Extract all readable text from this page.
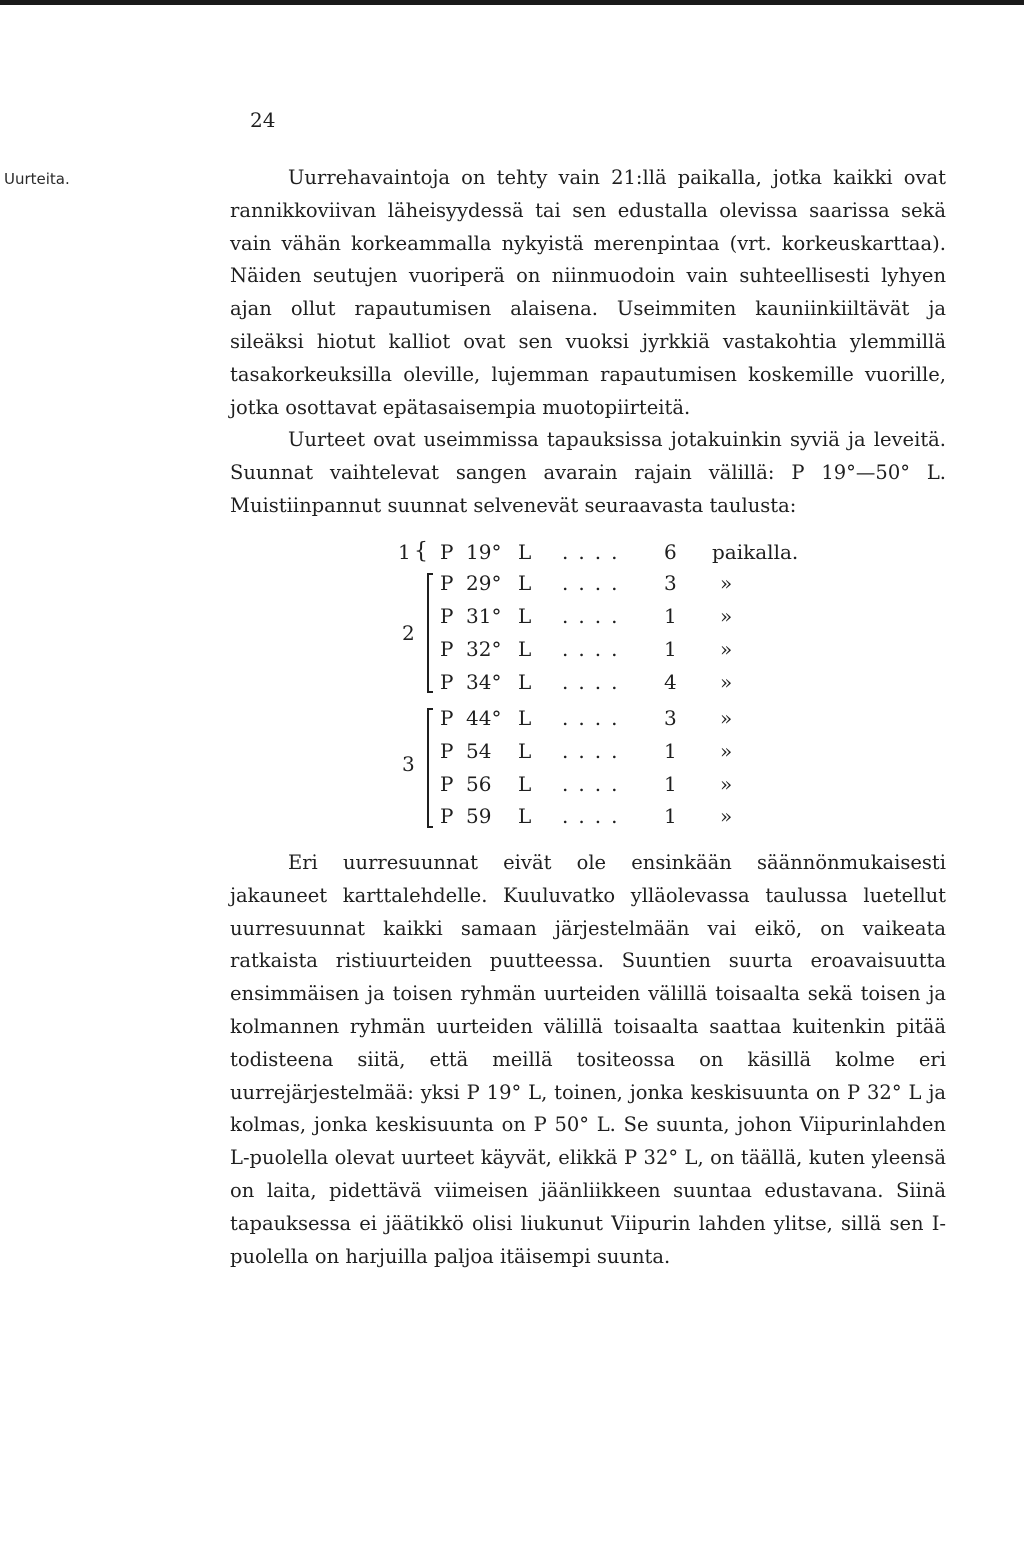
24
Uurteita.	Uurrehavaintoja on tehty vain 21:llä paikalla, jotka kaikki ovat rannikkoviivan läheisyydessä tai sen edustalla olevissa saarissa sekä vain vähän korkeammalla nykyistä merenpintaa (vrt. korkeuskarttaa). Näiden seutujen vuoriperä on niinmuodoin vain suhteellisesti lyhyen ajan ollut rapautumisen alaisena. Useimmiten kauniinkiiltävät ja sileäksi hiotut kalliot ovat sen vuoksi jyrkkiä vastakohtia ylemmillä tasakorkeuksilla oleville, lujemman rapautumisen koskemille vuorille, jotka osottavat epätasaisempia muotopiirteitä.

Uurteet ovat useimmissa tapauksissa jotakuinkin syviä ja leveitä. Suunnat vaihtelevat sangen avarain rajain välillä: P 19°—50° L. Muistiinpannut suunnat selvenevät seuraavasta taulusta:

1 { P 19° L .... 6 paikalla.
2
P 29° L .... 3 »
P 31° L .... 1 »
P 32° L .... 1 »
P 34° L .... 4 »
3
P 44° L .... 3 »
P 54 L .... 1 »
P 56 L .... 1 »
P 59 L .... 1 »

Eri uurresuunnat eivät ole ensinkään säännönmukaisesti jakauneet karttalehdelle. Kuuluvatko ylläolevassa taulussa luetellut uurresuunnat kaikki samaan järjestelmään vai eikö, on vaikeata ratkaista ristiuurteiden puutteessa. Suuntien suurta eroavaisuutta ensimmäisen ja toisen ryhmän uurteiden välillä toisaalta sekä toisen ja kolmannen ryhmän uurteiden välillä toisaalta saattaa kuitenkin pitää todisteena siitä, että meillä tositeossa on käsillä kolme eri uurrejärjestelmää: yksi P 19° L, toinen, jonka keskisuunta on P 32° L ja kolmas, jonka keskisuunta on P 50° L. Se suunta, johon Viipurinlahden L-puolella olevat uurteet käyvät, elikkä P 32° L, on täällä, kuten yleensä on laita, pidettävä viimeisen jäänliikkeen suuntaa edustavana. Siinä tapauksessa ei jäätikkö olisi liukunut Viipurin lahden ylitse, sillä sen I-puolella on harjuilla paljoa itäisempi suunta.
